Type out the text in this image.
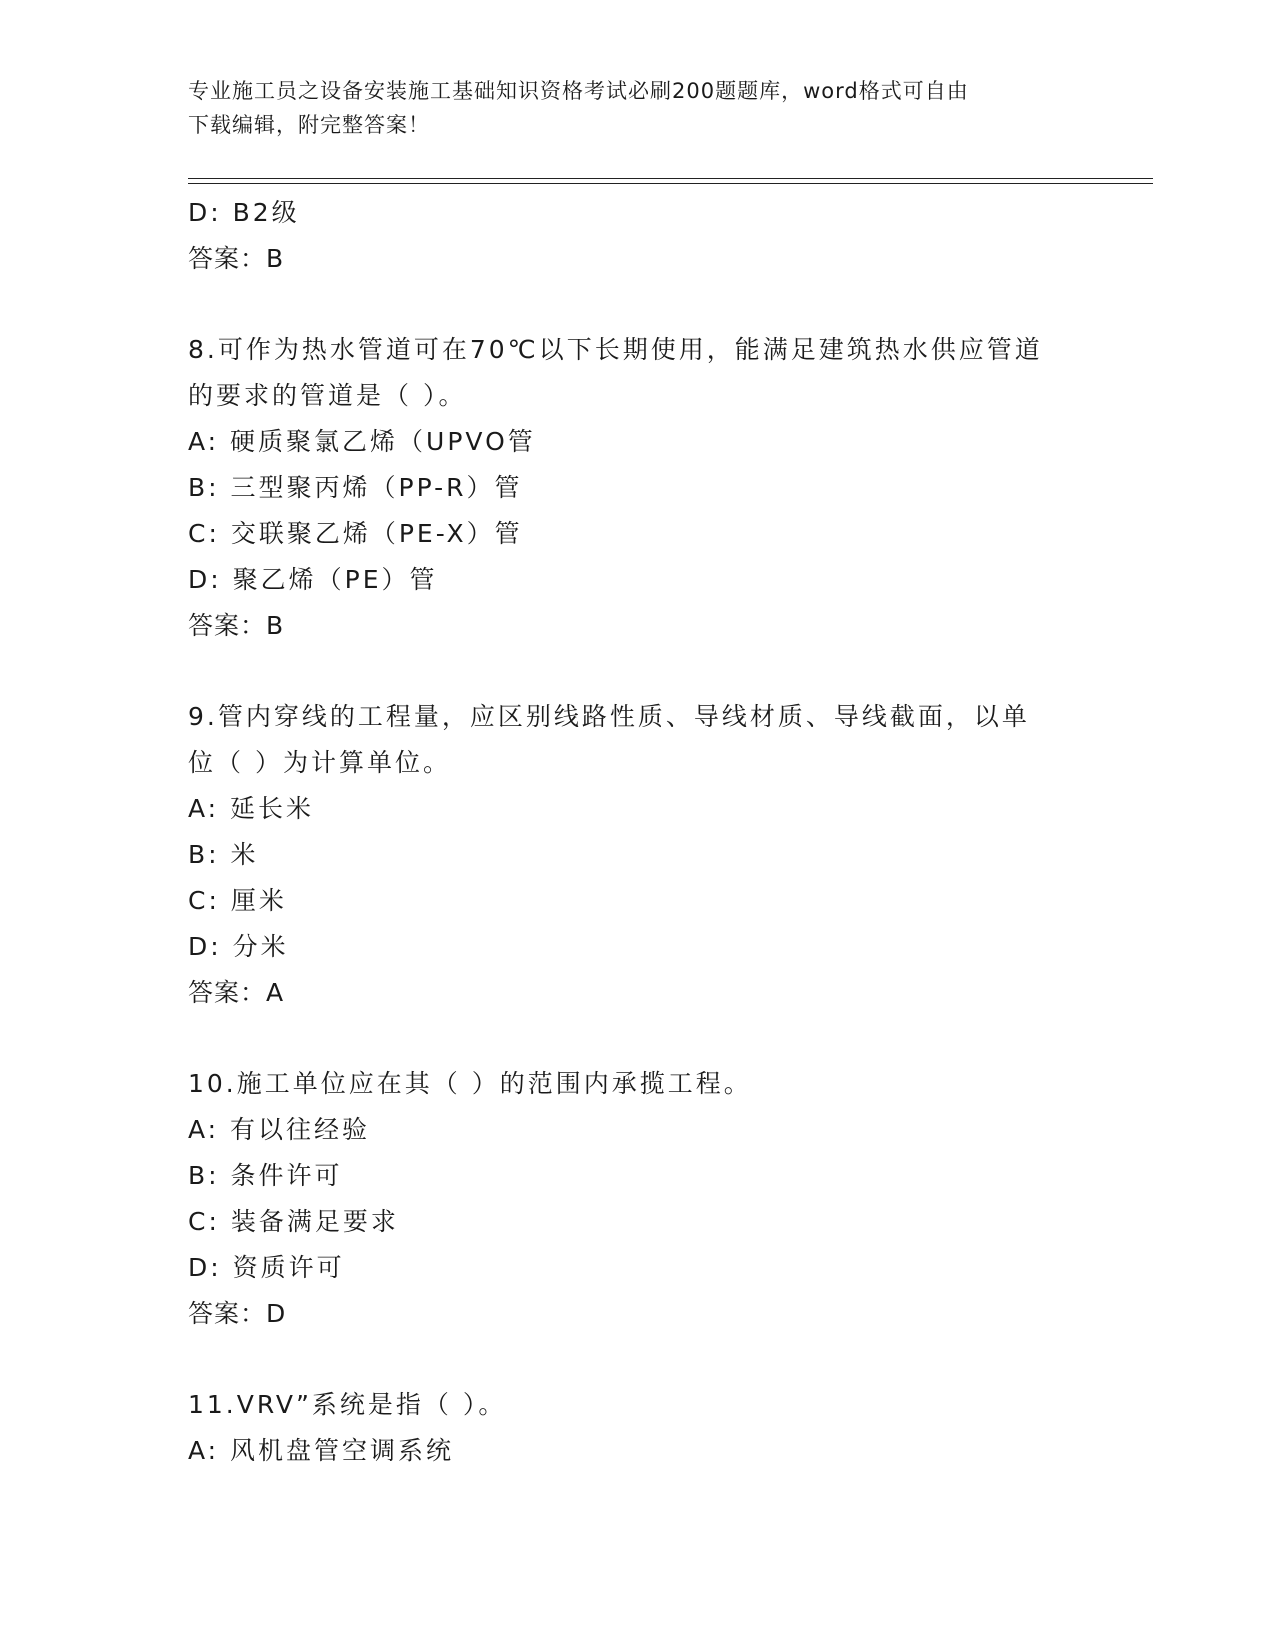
专业施工员之设备安装施工基础知识资格考试必刷200题题库，word格式可自由
下载编辑，附完整答案！
D: B2级
答案：B
8.可作为热水管道可在70℃以下长期使用，能满足建筑热水供应管道
的要求的管道是（ ）。
A: 硬质聚氯乙烯（UPVO管
B: 三型聚丙烯（PP-R）管
C: 交联聚乙烯（PE-X）管
D: 聚乙烯（PE）管
答案：B
9.管内穿线的工程量，应区别线路性质、导线材质、导线截面，以单
位（ ）为计算单位。
A: 延长米
B: 米
C: 厘米
D: 分米
答案：A
10.施工单位应在其（ ）的范围内承揽工程。
A: 有以往经验
B: 条件许可
C: 装备满足要求
D: 资质许可
答案：D
11.VRV”系统是指（ ）。
A: 风机盘管空调系统
